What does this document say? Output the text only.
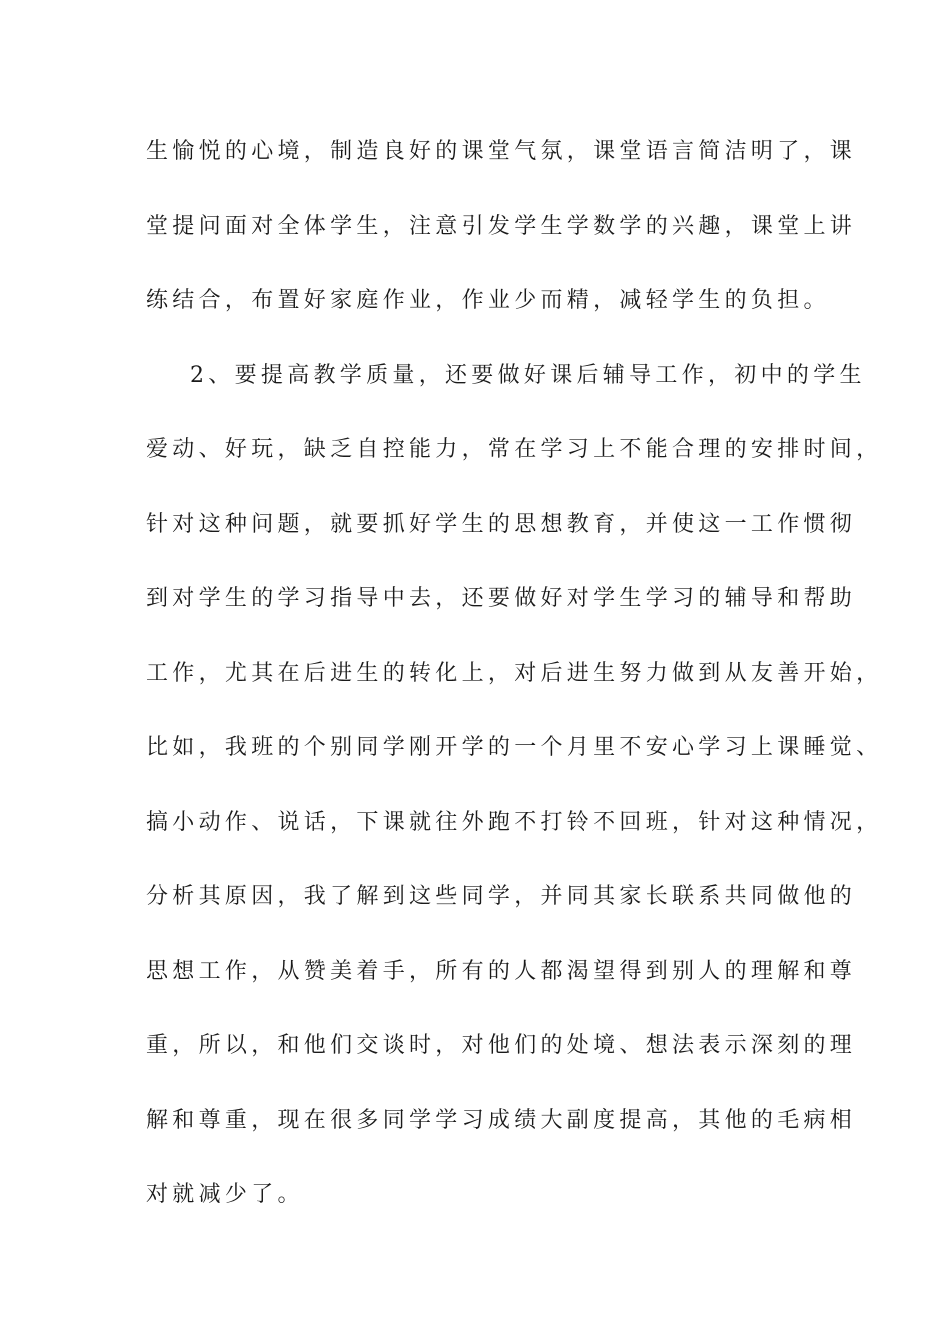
生愉悦的心境，制造良好的课堂气氛，课堂语言简洁明了，课
堂提问面对全体学生，注意引发学生学数学的兴趣，课堂上讲
练结合，布置好家庭作业，作业少而精，减轻学生的负担。
2、要提高教学质量，还要做好课后辅导工作，初中的学生
爱动、好玩，缺乏自控能力，常在学习上不能合理的安排时间，
针对这种问题，就要抓好学生的思想教育，并使这一工作惯彻
到对学生的学习指导中去，还要做好对学生学习的辅导和帮助
工作，尤其在后进生的转化上，对后进生努力做到从友善开始，
比如，我班的个别同学刚开学的一个月里不安心学习上课睡觉、
搞小动作、说话，下课就往外跑不打铃不回班，针对这种情况，
分析其原因，我了解到这些同学，并同其家长联系共同做他的
思想工作，从赞美着手，所有的人都渴望得到别人的理解和尊
重，所以，和他们交谈时，对他们的处境、想法表示深刻的理
解和尊重，现在很多同学学习成绩大副度提高，其他的毛病相
对就减少了。
